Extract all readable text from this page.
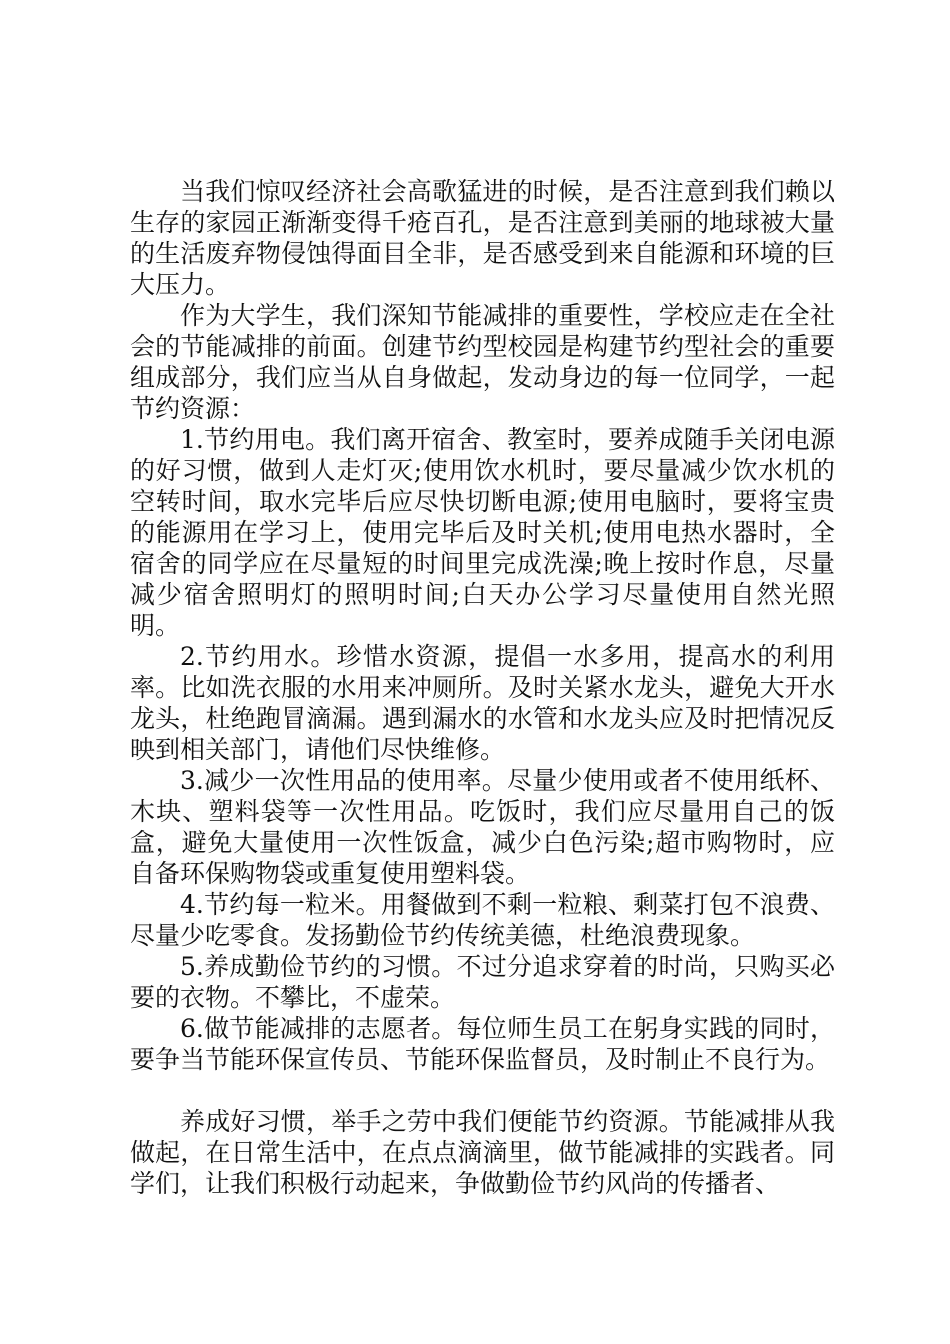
当我们惊叹经济社会高歌猛进的时候，是否注意到我们赖以生存的家园正渐渐变得千疮百孔，是否注意到美丽的地球被大量的生活废弃物侵蚀得面目全非，是否感受到来自能源和环境的巨大压力。

作为大学生，我们深知节能减排的重要性，学校应走在全社会的节能减排的前面。创建节约型校园是构建节约型社会的重要组成部分，我们应当从自身做起，发动身边的每一位同学，一起节约资源：

1.节约用电。我们离开宿舍、教室时，要养成随手关闭电源的好习惯，做到人走灯灭;使用饮水机时，要尽量减少饮水机的空转时间，取水完毕后应尽快切断电源;使用电脑时，要将宝贵的能源用在学习上，使用完毕后及时关机;使用电热水器时，全宿舍的同学应在尽量短的时间里完成洗澡;晚上按时作息，尽量减少宿舍照明灯的照明时间;白天办公学习尽量使用自然光照明。

2.节约用水。珍惜水资源，提倡一水多用，提高水的利用率。比如洗衣服的水用来冲厕所。及时关紧水龙头，避免大开水龙头，杜绝跑冒滴漏。遇到漏水的水管和水龙头应及时把情况反映到相关部门，请他们尽快维修。

3.减少一次性用品的使用率。尽量少使用或者不使用纸杯、木块、塑料袋等一次性用品。吃饭时，我们应尽量用自己的饭盒，避免大量使用一次性饭盒，减少白色污染;超市购物时，应自备环保购物袋或重复使用塑料袋。

4.节约每一粒米。用餐做到不剩一粒粮、剩菜打包不浪费、尽量少吃零食。发扬勤俭节约传统美德，杜绝浪费现象。

5.养成勤俭节约的习惯。不过分追求穿着的时尚，只购买必要的衣物。不攀比，不虚荣。

6.做节能减排的志愿者。每位师生员工在躬身实践的同时，要争当节能环保宣传员、节能环保监督员，及时制止不良行为。

养成好习惯，举手之劳中我们便能节约资源。节能减排从我做起，在日常生活中，在点点滴滴里，做节能减排的实践者。同学们，让我们积极行动起来，争做勤俭节约风尚的传播者、
